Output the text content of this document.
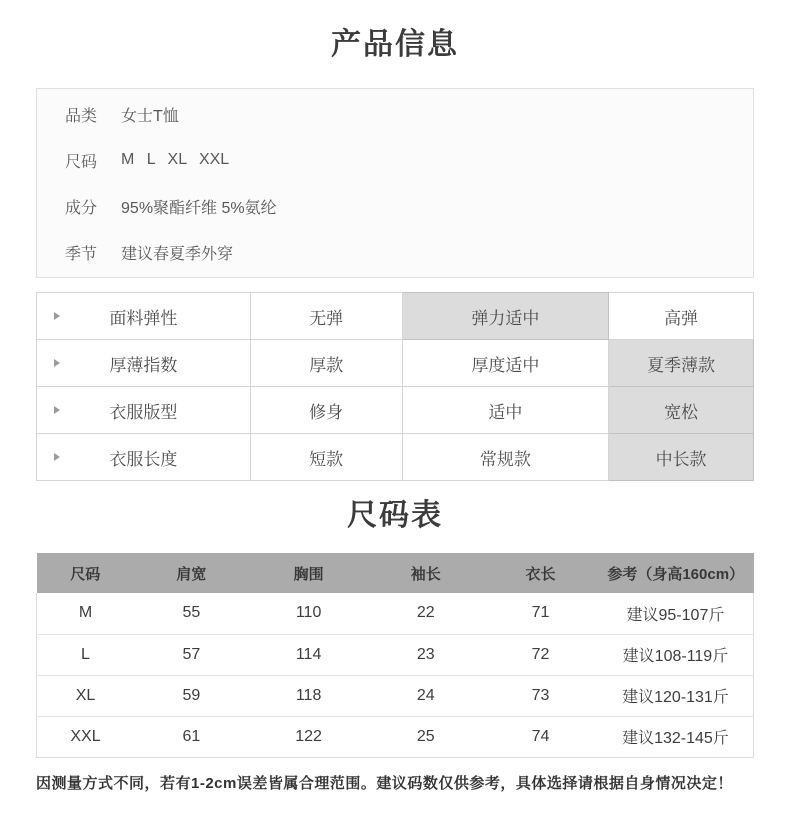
产品信息
品类 女士T恤
尺码 M L XL XXL
成分 95%聚酯纤维 5%氨纶
季节 建议春夏季外穿
面料弹性	无弹	弹力适中	高弹

厚薄指数	厚款	厚度适中	夏季薄款

衣服版型	修身	适中	宽松

衣服长度	短款	常规款	中长款
尺码表
尺码	肩宽	胸围	袖长	衣长	参考（身高160cm）
M	55	110	22	71	建议95-107斤
L	57	114	23	72	建议108-119斤
XL	59	118	24	73	建议120-131斤
XXL	61	122	25	74	建议132-145斤

因测量方式不同，若有1-2cm误差皆属合理范围。建议码数仅供参考，具体选择请根据自身情况决定！
